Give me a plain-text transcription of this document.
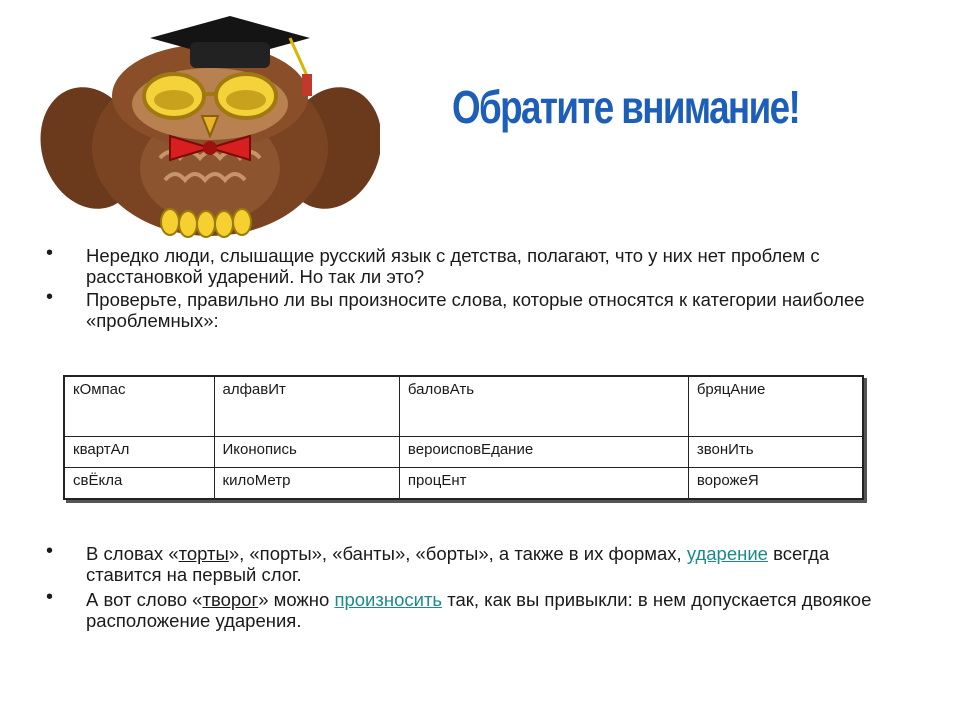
Обратите внимание!
• Нередко люди, слышащие русский язык с детства, полагают, что у них нет проблем с расстановкой ударений. Но так ли это?
• Проверьте, правильно ли вы произносите слова, которые относятся к категории наиболее «проблемных»:
кОмпас	алфавИт	баловАть	бряцАние
квартАл	Иконопись	вероисповЕдание	звонИть
свЁкла	килоМетр	процЕнт	ворожеЯ
• В словах «торты», «порты», «банты», «борты», а также в их формах, ударение всегда ставится на первый слог.
• А вот слово «творог» можно произносить так, как вы привыкли: в нем допускается двоякое расположение ударения.
